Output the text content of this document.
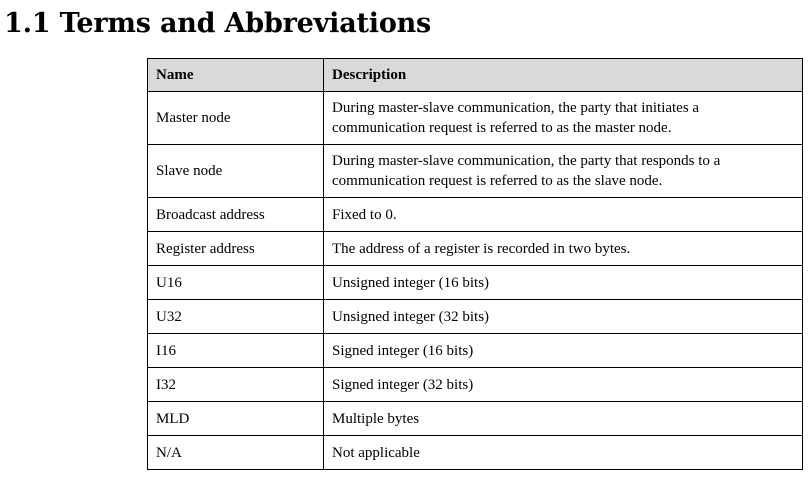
1.1 Terms and Abbreviations
Name	Description
Master node	During master-slave communication, the party that initiates a communication request is referred to as the master node.
Slave node	During master-slave communication, the party that responds to a communication request is referred to as the slave node.
Broadcast address	Fixed to 0.
Register address	The address of a register is recorded in two bytes.
U16	Unsigned integer (16 bits)
U32	Unsigned integer (32 bits)
I16	Signed integer (16 bits)
I32	Signed integer (32 bits)
MLD	Multiple bytes
N/A	Not applicable
